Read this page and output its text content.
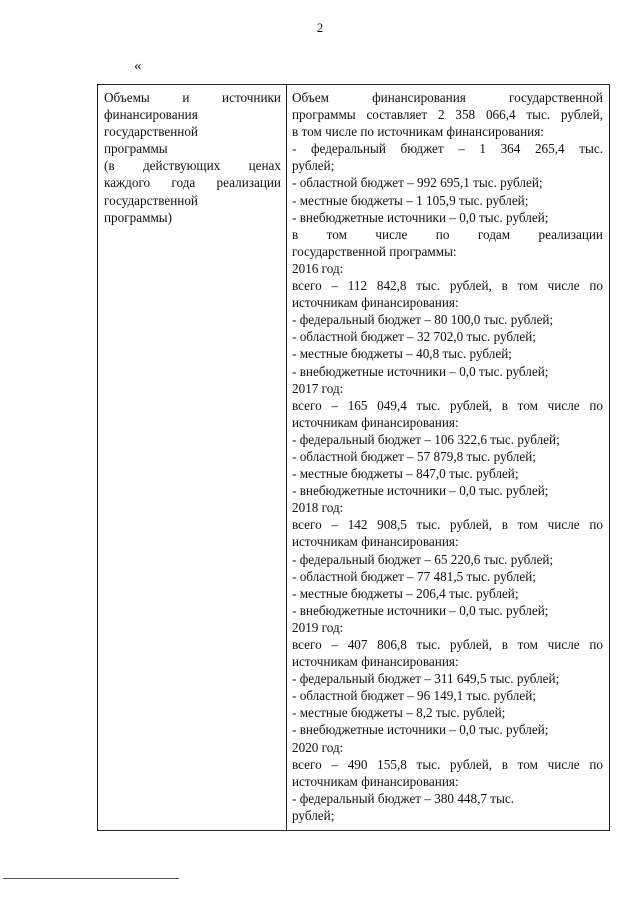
2
«
Объемы и источники
финансирования
государственной
программы
(в действующих ценах
каждого года реализации
государственной
программы)
Объем финансирования государственной
программы составляет 2 358 066,4 тыс. рублей,
в том числе по источникам финансирования:
- федеральный бюджет – 1 364 265,4 тыс.
рублей;
- областной бюджет – 992 695,1 тыс. рублей;
- местные бюджеты – 1 105,9 тыс. рублей;
- внебюджетные источники – 0,0 тыс. рублей;
в том числе по годам реализации
государственной программы:
2016 год:
всего – 112 842,8 тыс. рублей, в том числе по
источникам финансирования:
- федеральный бюджет – 80 100,0 тыс. рублей;
- областной бюджет – 32 702,0 тыс. рублей;
- местные бюджеты – 40,8 тыс. рублей;
- внебюджетные источники – 0,0 тыс. рублей;
2017 год:
всего – 165 049,4 тыс. рублей, в том числе по
источникам финансирования:
- федеральный бюджет – 106 322,6 тыс. рублей;
- областной бюджет – 57 879,8 тыс. рублей;
- местные бюджеты – 847,0 тыс. рублей;
- внебюджетные источники – 0,0 тыс. рублей;
2018 год:
всего – 142 908,5 тыс. рублей, в том числе по
источникам финансирования:
- федеральный бюджет – 65 220,6 тыс. рублей;
- областной бюджет – 77 481,5 тыс. рублей;
- местные бюджеты – 206,4 тыс. рублей;
- внебюджетные источники – 0,0 тыс. рублей;
2019 год:
всего – 407 806,8 тыс. рублей, в том числе по
источникам финансирования:
- федеральный бюджет – 311 649,5 тыс. рублей;
- областной бюджет – 96 149,1 тыс. рублей;
- местные бюджеты – 8,2 тыс. рублей;
- внебюджетные источники – 0,0 тыс. рублей;
2020 год:
всего – 490 155,8 тыс. рублей, в том числе по
источникам финансирования:
- федеральный бюджет – 380 448,7 тыс.
рублей;
